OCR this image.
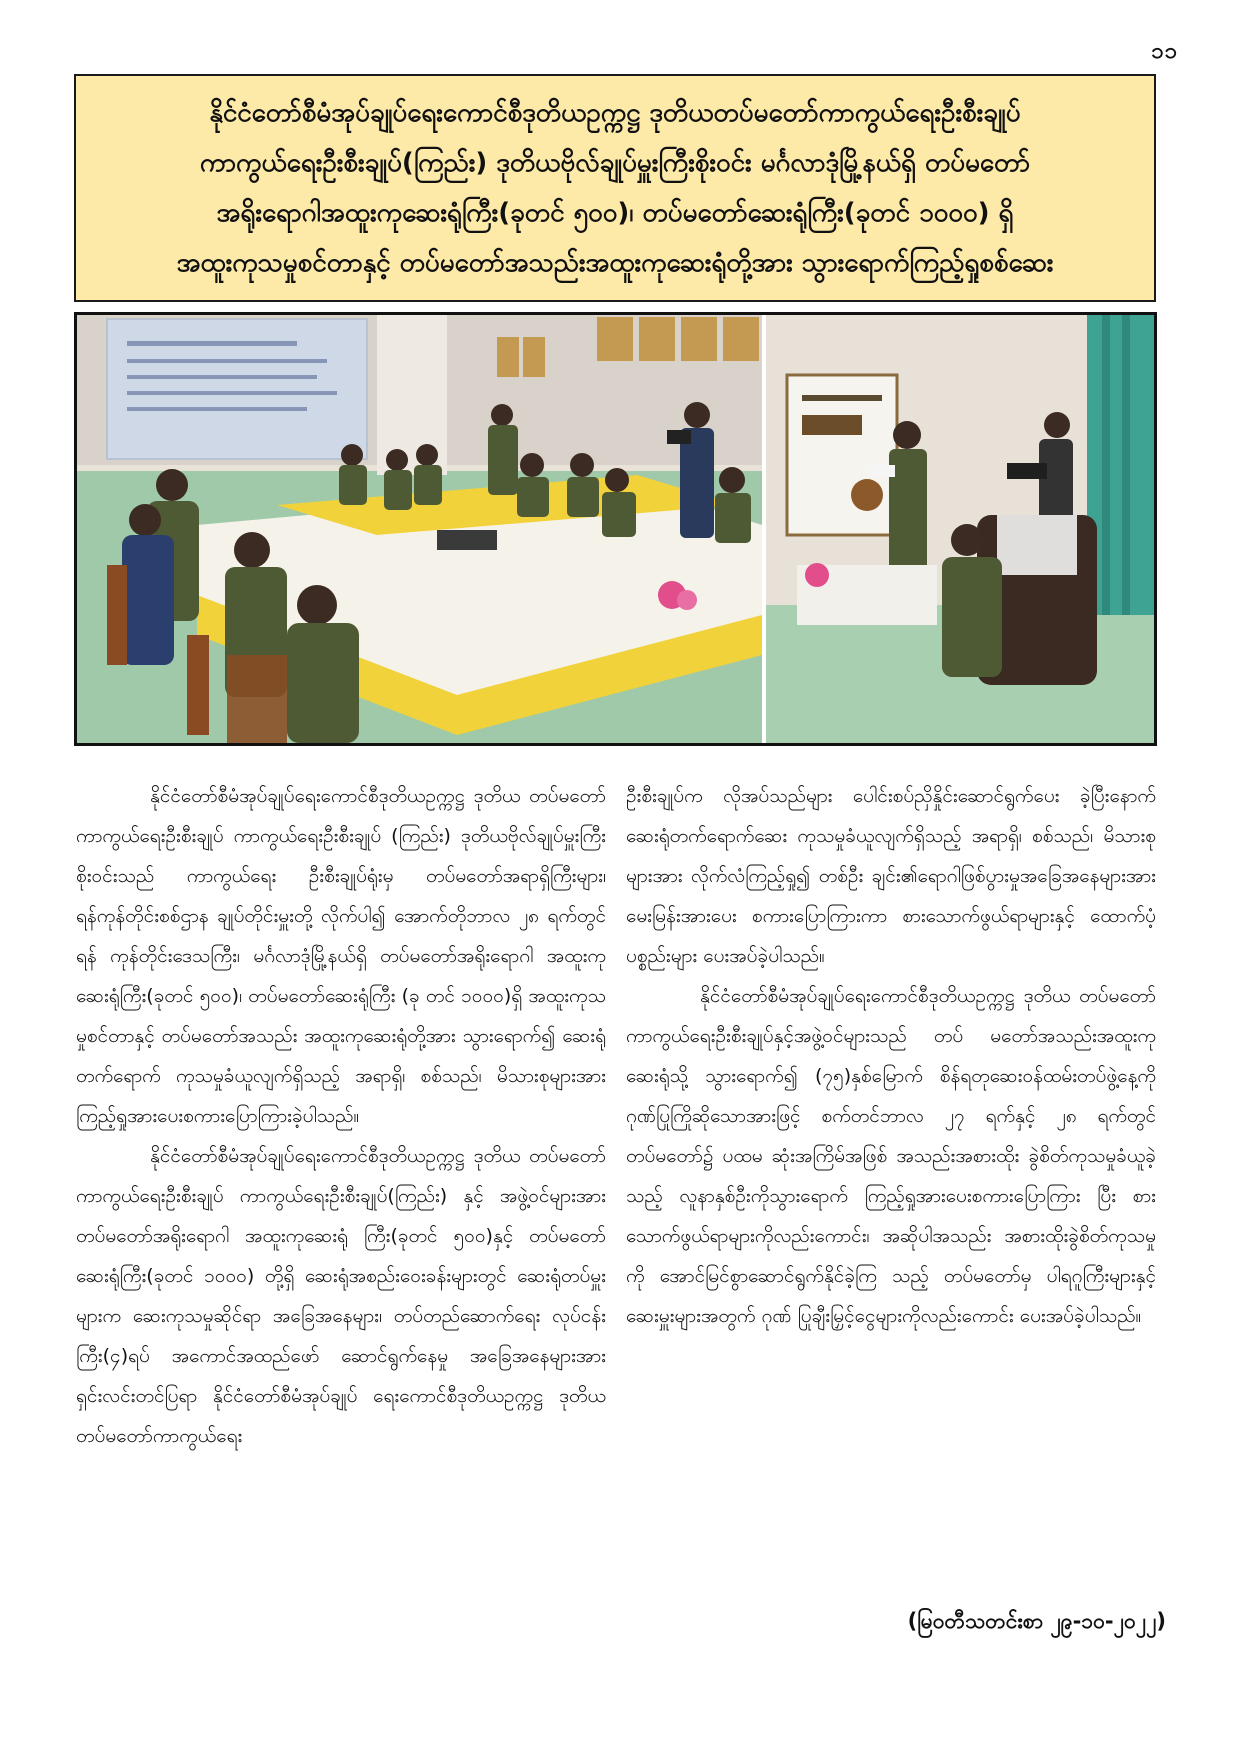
၁၁
နိုင်ငံတော်စီမံအုပ်ချုပ်ရေးကောင်စီဒုတိယဥက္ကဋ္ဌ ဒုတိယတပ်မတော်ကာကွယ်ရေးဦးစီးချုပ်
ကာကွယ်ရေးဦးစီးချုပ်(ကြည်း) ဒုတိယဗိုလ်ချုပ်မှူးကြီးစိုးဝင်း မင်္ဂလာဒုံမြို့နယ်ရှိ တပ်မတော်
အရိုးရောဂါအထူးကုဆေးရုံကြီး(ခုတင် ၅၀၀)၊ တပ်မတော်ဆေးရုံကြီး(ခုတင် ၁၀၀၀) ရှိ
အထူးကုသမှုစင်တာနှင့် တပ်မတော်အသည်းအထူးကုဆေးရုံတို့အား သွားရောက်ကြည့်ရှုစစ်ဆေး

နိုင်ငံတော်စီမံအုပ်ချုပ်ရေးကောင်စီဒုတိယဥက္ကဋ္ဌ ဒုတိယ တပ်မတော်ကာကွယ်ရေးဦးစီးချုပ် ကာကွယ်ရေးဦးစီးချုပ် (ကြည်း) ဒုတိယဗိုလ်ချုပ်မှူးကြီး စိုးဝင်းသည် ကာကွယ်ရေး ဦးစီးချုပ်ရုံးမှ တပ်မတော်အရာရှိကြီးများ၊ ရန်ကုန်တိုင်းစစ်ဌာန ချုပ်တိုင်းမှူးတို့ လိုက်ပါ၍ အောက်တိုဘာလ ၂၈ ရက်တွင် ရန် ကုန်တိုင်းဒေသကြီး၊ မင်္ဂလာဒုံမြို့နယ်ရှိ တပ်မတော်အရိုးရောဂါ အထူးကုဆေးရုံကြီး(ခုတင် ၅၀၀)၊ တပ်မတော်ဆေးရုံကြီး (ခု တင် ၁၀၀၀)ရှိ အထူးကုသမှုစင်တာနှင့် တပ်မတော်အသည်း အထူးကုဆေးရုံတို့အား သွားရောက်၍ ဆေးရုံတက်ရောက် ကုသမှုခံယူလျက်ရှိသည့် အရာရှိ၊ စစ်သည်၊ မိသားစုများအား ကြည့်ရှုအားပေးစကားပြောကြားခဲ့ပါသည်။

နိုင်ငံတော်စီမံအုပ်ချုပ်ရေးကောင်စီဒုတိယဥက္ကဋ္ဌ ဒုတိယ တပ်မတော်ကာကွယ်ရေးဦးစီးချုပ် ကာကွယ်ရေးဦးစီးချုပ်(ကြည်း) နှင့် အဖွဲ့ဝင်များအား တပ်မတော်အရိုးရောဂါ အထူးကုဆေးရုံ ကြီး(ခုတင် ၅၀၀)နှင့် တပ်မတော်ဆေးရုံကြီး(ခုတင် ၁၀၀၀) တို့ရှိ ဆေးရုံအစည်းဝေးခန်းများတွင် ဆေးရုံတပ်မှူးများက ဆေးကုသမှုဆိုင်ရာ အခြေအနေများ၊ တပ်တည်ဆောက်ရေး လုပ်ငန်းကြီး(၄)ရပ် အကောင်အထည်ဖော် ဆောင်ရွက်နေမှု အခြေအနေများအား ရှင်းလင်းတင်ပြရာ နိုင်ငံတော်စီမံအုပ်ချုပ် ရေးကောင်စီဒုတိယဥက္ကဋ္ဌ ဒုတိယတပ်မတော်ကာကွယ်ရေး

ဦးစီးချုပ်က လိုအပ်သည်များ ပေါင်းစပ်ညှိနှိုင်းဆောင်ရွက်ပေး ခဲ့ပြီးနောက် ဆေးရုံတက်ရောက်ဆေး ကုသမှုခံယူလျက်ရှိသည့် အရာရှိ၊ စစ်သည်၊ မိသားစုများအား လိုက်လံကြည့်ရှု၍ တစ်ဦး ချင်း၏ရောဂါဖြစ်ပွားမှုအခြေအနေများအား မေးမြန်းအားပေး စကားပြောကြားကာ စားသောက်ဖွယ်ရာများနှင့် ထောက်ပံ့ ပစ္စည်းများ ပေးအပ်ခဲ့ပါသည်။

နိုင်ငံတော်စီမံအုပ်ချုပ်ရေးကောင်စီဒုတိယဥက္ကဋ္ဌ ဒုတိယ တပ်မတော်ကာကွယ်ရေးဦးစီးချုပ်နှင့်အဖွဲ့ဝင်များသည် တပ် မတော်အသည်းအထူးကုဆေးရုံသို့ သွားရောက်၍ (၇၅)နှစ်မြောက် စိန်ရတုဆေးဝန်ထမ်းတပ်ဖွဲ့နေ့ကို ဂုဏ်ပြုကြိုဆိုသောအားဖြင့် စက်တင်ဘာလ ၂၇ ရက်နှင့် ၂၈ ရက်တွင် တပ်မတော်၌ ပထမ ဆုံးအကြိမ်အဖြစ် အသည်းအစားထိုး ခွဲစိတ်ကုသမှုခံယူခဲ့သည့် လူနာနှစ်ဦးကိုသွားရောက် ကြည့်ရှုအားပေးစကားပြောကြား ပြီး စားသောက်ဖွယ်ရာများကိုလည်းကောင်း၊ အဆိုပါအသည်း အစားထိုးခွဲစိတ်ကုသမှုကို အောင်မြင်စွာဆောင်ရွက်နိုင်ခဲ့ကြ သည့် တပ်မတော်မှ ပါရဂူကြီးများနှင့် ဆေးမှူးများအတွက် ဂုဏ် ပြုချီးမြှင့်ငွေများကိုလည်းကောင်း ပေးအပ်ခဲ့ပါသည်။

(မြဝတီသတင်းစာ ၂၉-၁၀-၂၀၂၂)
